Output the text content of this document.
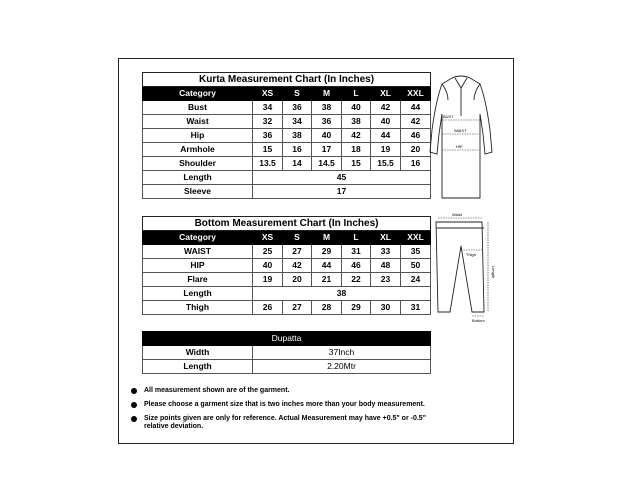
Kurta Measurement Chart (In Inches)						
Category	XS	S	M	L	XL	XXL
Bust	34	36	38	40	42	44
Waist	32	34	36	38	40	42
Hip	36	38	40	42	44	46
Armhole	15	16	17	18	19	20
Shoulder	13.5	14	14.5	15	15.5	16
Length	45					
Sleeve	17					
Bottom Measurement Chart (In Inches)						
Category	XS	S	M	L	XL	XXL
WAIST	25	27	29	31	33	35
HIP	40	42	44	46	48	50
Flare	19	20	21	22	23	24
Length	38					
Thigh	26	27	28	29	30	31
Dupatta	
Width	37Inch
Length	2.20Mtr
BUST
WAIST
HIP
Waist
Thigh
Length
Bottom
All measurement shown are of the garment.
Please choose a garment size that is two inches more than your body measurement.
Size points given are only for reference. Actual Measurement may have +0.5" or -0.5" relative deviation.
